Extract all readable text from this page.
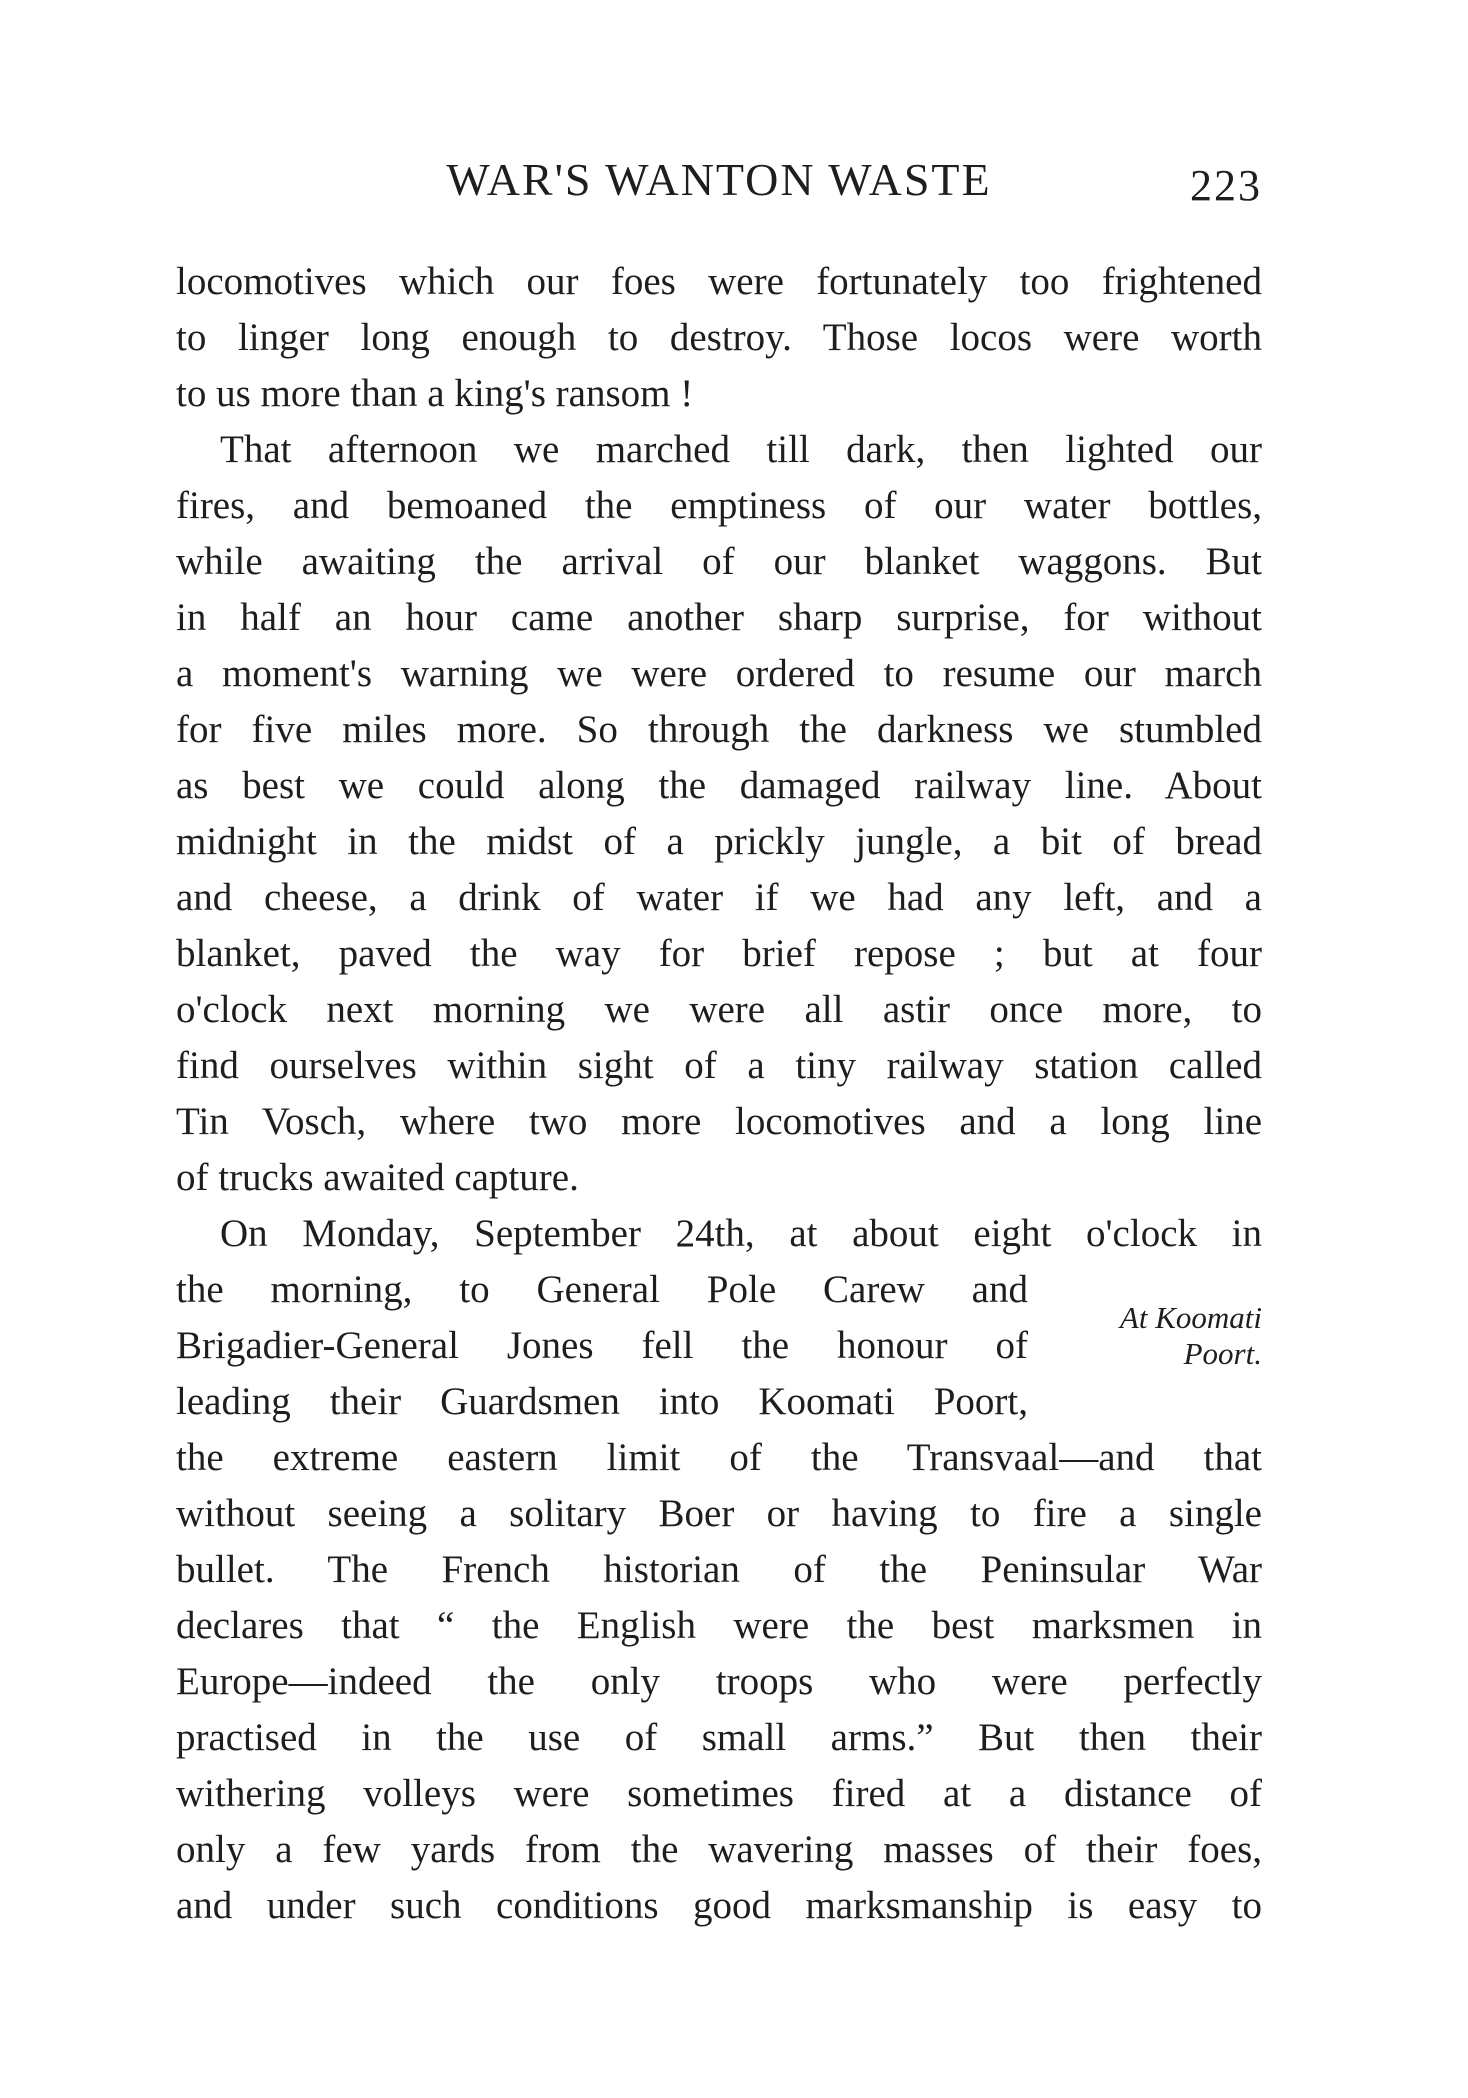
WAR'S WANTON WASTE	223
locomotives which our foes were fortunately too frightened
to linger long enough to destroy. Those locos were worth
to us more than a king's ransom !
That afternoon we marched till dark, then lighted our
fires, and bemoaned the emptiness of our water bottles,
while awaiting the arrival of our blanket waggons. But
in half an hour came another sharp surprise, for without
a moment's warning we were ordered to resume our march
for five miles more. So through the darkness we stumbled
as best we could along the damaged railway line. About
midnight in the midst of a prickly jungle, a bit of bread
and cheese, a drink of water if we had any left, and a
blanket, paved the way for brief repose ; but at four
o'clock next morning we were all astir once more, to
find ourselves within sight of a tiny railway station called
Tin Vosch, where two more locomotives and a long line
of trucks awaited capture.
On Monday, September 24th, at about eight o'clock in
the morning, to General Pole Carew and
Brigadier-General Jones fell the honour of
leading their Guardsmen into Koomati Poort,
the extreme eastern limit of the Transvaal—and that
without seeing a solitary Boer or having to fire a single
bullet. The French historian of the Peninsular War
declares that “ the English were the best marksmen in
Europe—indeed the only troops who were perfectly
practised in the use of small arms.” But then their
withering volleys were sometimes fired at a distance of
only a few yards from the wavering masses of their foes,
and under such conditions good marksmanship is easy to
At Koomati
Poort.
